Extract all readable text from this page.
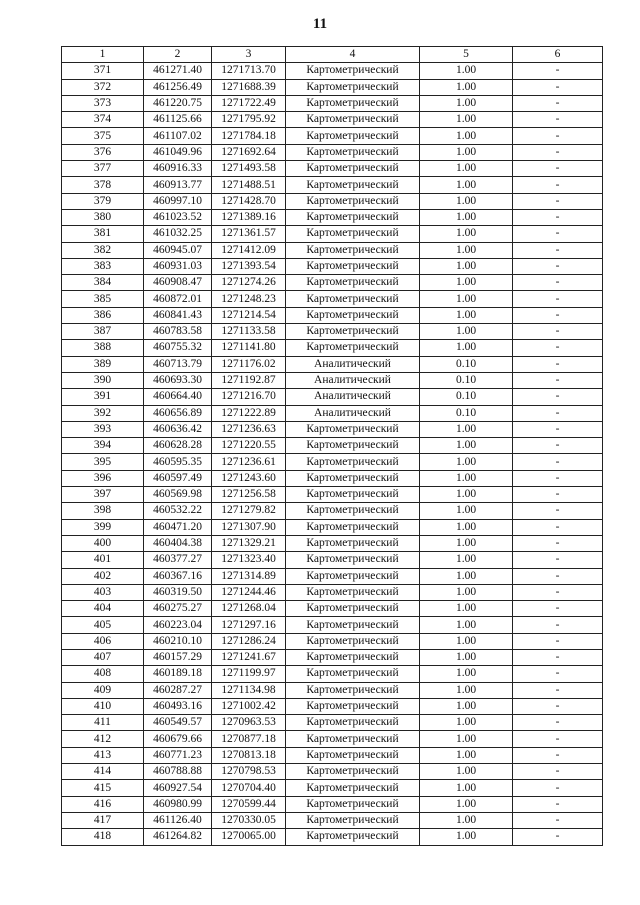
11
1	2	3	4	5	6
371	461271.40	1271713.70	Картометрический	1.00	-
372	461256.49	1271688.39	Картометрический	1.00	-
373	461220.75	1271722.49	Картометрический	1.00	-
374	461125.66	1271795.92	Картометрический	1.00	-
375	461107.02	1271784.18	Картометрический	1.00	-
376	461049.96	1271692.64	Картометрический	1.00	-
377	460916.33	1271493.58	Картометрический	1.00	-
378	460913.77	1271488.51	Картометрический	1.00	-
379	460997.10	1271428.70	Картометрический	1.00	-
380	461023.52	1271389.16	Картометрический	1.00	-
381	461032.25	1271361.57	Картометрический	1.00	-
382	460945.07	1271412.09	Картометрический	1.00	-
383	460931.03	1271393.54	Картометрический	1.00	-
384	460908.47	1271274.26	Картометрический	1.00	-
385	460872.01	1271248.23	Картометрический	1.00	-
386	460841.43	1271214.54	Картометрический	1.00	-
387	460783.58	1271133.58	Картометрический	1.00	-
388	460755.32	1271141.80	Картометрический	1.00	-
389	460713.79	1271176.02	Аналитический	0.10	-
390	460693.30	1271192.87	Аналитический	0.10	-
391	460664.40	1271216.70	Аналитический	0.10	-
392	460656.89	1271222.89	Аналитический	0.10	-
393	460636.42	1271236.63	Картометрический	1.00	-
394	460628.28	1271220.55	Картометрический	1.00	-
395	460595.35	1271236.61	Картометрический	1.00	-
396	460597.49	1271243.60	Картометрический	1.00	-
397	460569.98	1271256.58	Картометрический	1.00	-
398	460532.22	1271279.82	Картометрический	1.00	-
399	460471.20	1271307.90	Картометрический	1.00	-
400	460404.38	1271329.21	Картометрический	1.00	-
401	460377.27	1271323.40	Картометрический	1.00	-
402	460367.16	1271314.89	Картометрический	1.00	-
403	460319.50	1271244.46	Картометрический	1.00	-
404	460275.27	1271268.04	Картометрический	1.00	-
405	460223.04	1271297.16	Картометрический	1.00	-
406	460210.10	1271286.24	Картометрический	1.00	-
407	460157.29	1271241.67	Картометрический	1.00	-
408	460189.18	1271199.97	Картометрический	1.00	-
409	460287.27	1271134.98	Картометрический	1.00	-
410	460493.16	1271002.42	Картометрический	1.00	-
411	460549.57	1270963.53	Картометрический	1.00	-
412	460679.66	1270877.18	Картометрический	1.00	-
413	460771.23	1270813.18	Картометрический	1.00	-
414	460788.88	1270798.53	Картометрический	1.00	-
415	460927.54	1270704.40	Картометрический	1.00	-
416	460980.99	1270599.44	Картометрический	1.00	-
417	461126.40	1270330.05	Картометрический	1.00	-
418	461264.82	1270065.00	Картометрический	1.00	-
